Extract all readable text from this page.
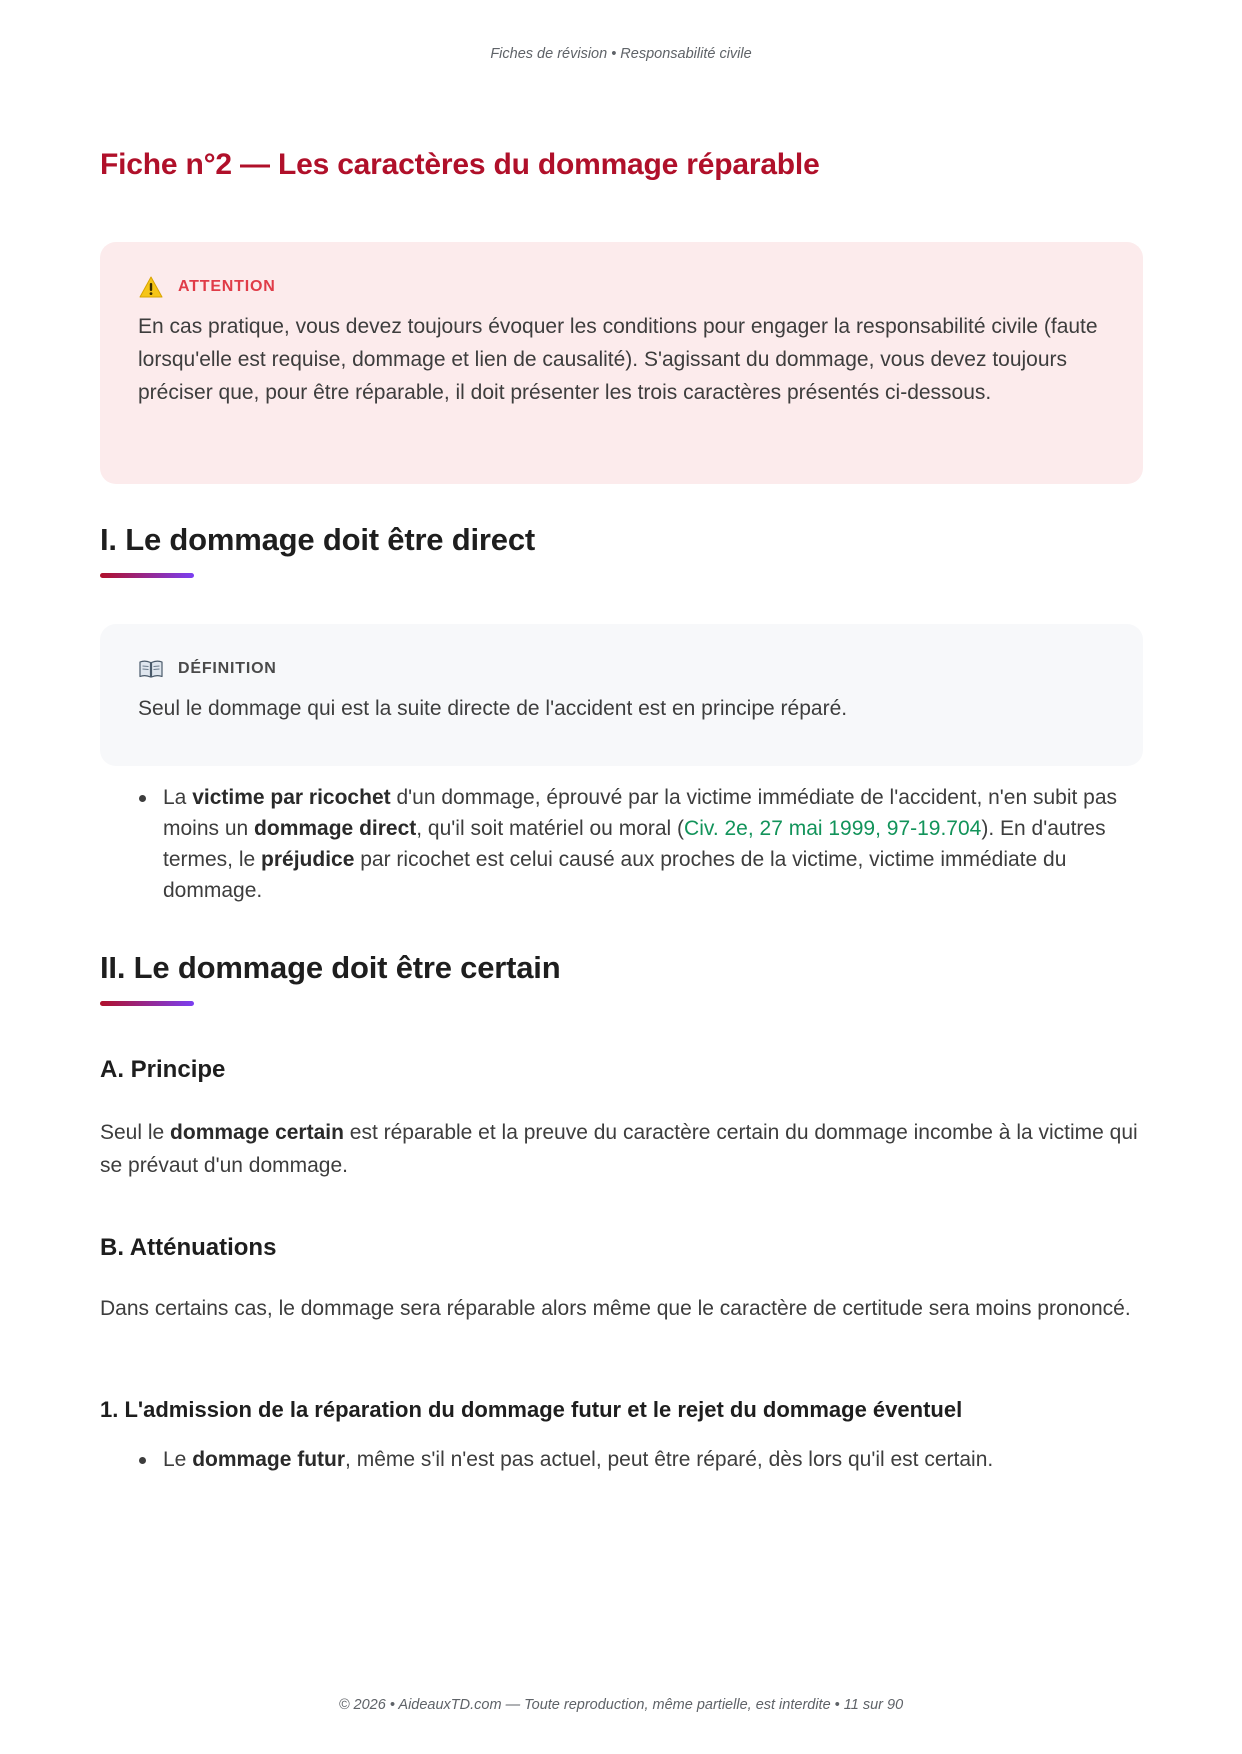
Fiches de révision • Responsabilité civile
Fiche n°2 — Les caractères du dommage réparable
ATTENTION
En cas pratique, vous devez toujours évoquer les conditions pour engager la responsabilité civile (faute lorsqu'elle est requise, dommage et lien de causalité). S'agissant du dommage, vous devez toujours préciser que, pour être réparable, il doit présenter les trois caractères présentés ci-dessous.
I. Le dommage doit être direct
DÉFINITION
Seul le dommage qui est la suite directe de l'accident est en principe réparé.
La victime par ricochet d'un dommage, éprouvé par la victime immédiate de l'accident, n'en subit pas moins un dommage direct, qu'il soit matériel ou moral (Civ. 2e, 27 mai 1999, 97-19.704). En d'autres termes, le préjudice par ricochet est celui causé aux proches de la victime, victime immédiate du dommage.
II. Le dommage doit être certain
A. Principe

Seul le dommage certain est réparable et la preuve du caractère certain du dommage incombe à la victime qui se prévaut d'un dommage.

B. Atténuations

Dans certains cas, le dommage sera réparable alors même que le caractère de certitude sera moins prononcé.

1. L'admission de la réparation du dommage futur et le rejet du dommage éventuel
Le dommage futur, même s'il n'est pas actuel, peut être réparé, dès lors qu'il est certain.
© 2026 • AideauxTD.com — Toute reproduction, même partielle, est interdite • 11 sur 90
